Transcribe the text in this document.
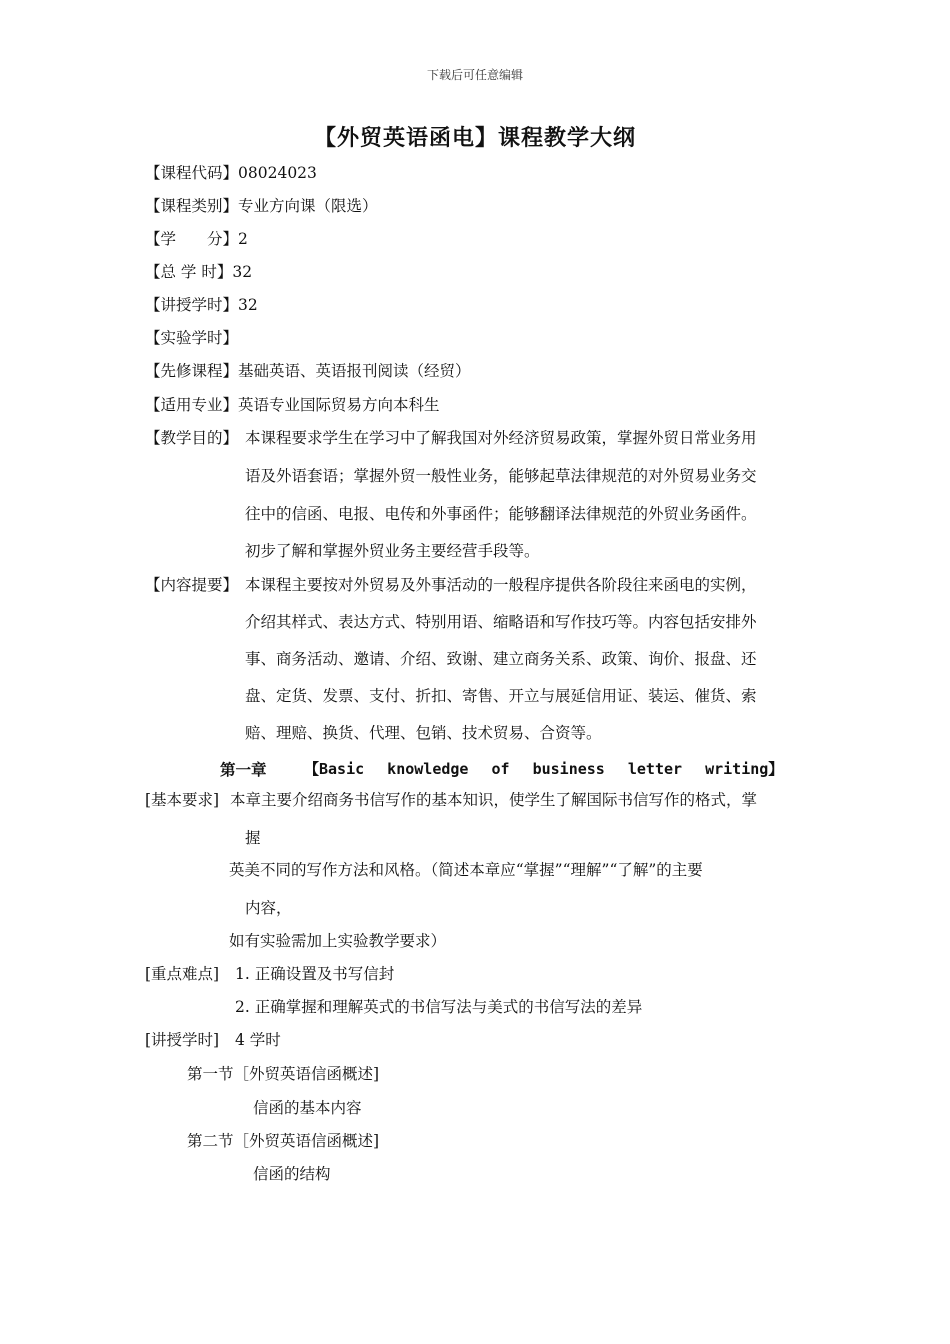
下载后可任意编辑
【外贸英语函电】课程教学大纲
【课程代码】08024023
【课程类别】专业方向课（限选）
【学　　分】2
【总 学 时】32
【讲授学时】32
【实验学时】
【先修课程】基础英语、英语报刊阅读（经贸）
【适用专业】英语专业国际贸易方向本科生
【教学目的】 本课程要求学生在学习中了解我国对外经济贸易政策，掌握外贸日常业务用
语及外语套语；掌握外贸一般性业务，能够起草法律规范的对外贸易业务交
往中的信函、电报、电传和外事函件；能够翻译法律规范的外贸业务函件。
初步了解和掌握外贸业务主要经营手段等。
【内容提要】 本课程主要按对外贸易及外事活动的一般程序提供各阶段往来函电的实例，
介绍其样式、表达方式、特别用语、缩略语和写作技巧等。内容包括安排外
事、商务活动、邀请、介绍、致谢、建立商务关系、政策、询价、报盘、还
盘、定货、发票、支付、折扣、寄售、开立与展延信用证、装运、催货、索
赔、理赔、换货、代理、包销、技术贸易、合资等。
第一章 【Basic knowledge of business letter writing】
[基本要求] 本章主要介绍商务书信写作的基本知识，使学生了解国际书信写作的格式，掌
握
英美不同的写作方法和风格。（简述本章应“掌握”“理解”“了解”的主要
内容，
如有实验需加上实验教学要求）
[重点难点] 1. 正确设置及书写信封
2. 正确掌握和理解英式的书信写法与美式的书信写法的差异
[讲授学时] 4 学时
第一节［外贸英语信函概述]
信函的基本内容
第二节［外贸英语信函概述]
信函的结构
